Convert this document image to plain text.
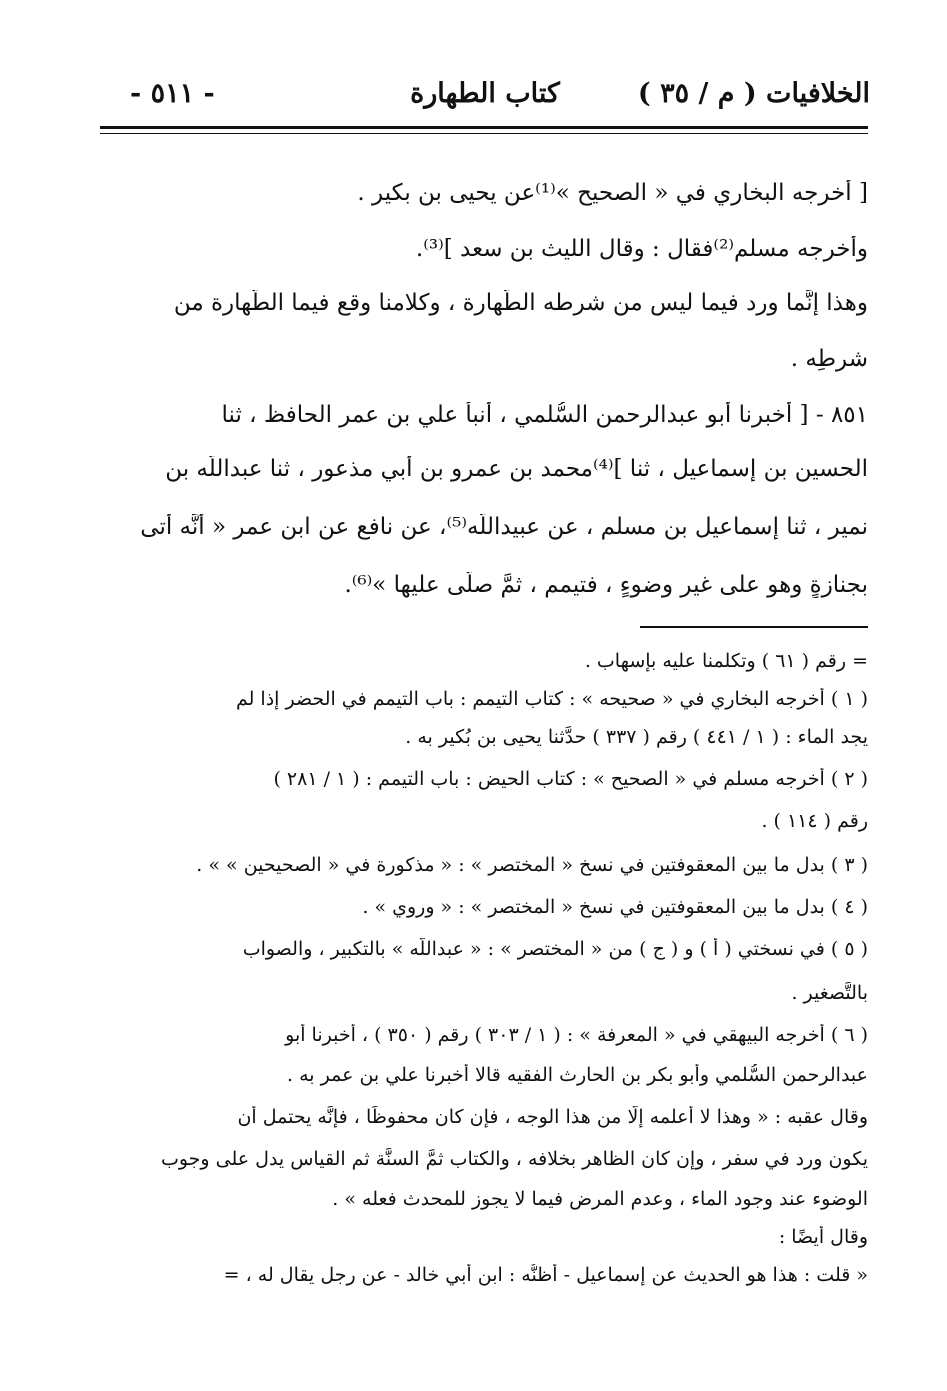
الخلافيات ( م / ٣٥ )
كتاب الطهارة
- ٥١١ -
[ أَخرجه البخاري في « الصحيح »⁽¹⁾عن يحيى بن بكير .
وأَخرجه مسلم⁽²⁾فقال : وقال الليث بن سعد ]⁽³⁾.
وهذا إِنَّما ورد فيما ليس من شرطه الطُّهارة ، وكلامنا وقع فيما الطُّهارة من
شرطِه .
٨٥١ - [ أَخبرنا أَبو عبدالرحمن السُّلمي ، أَنبأَ علي بن عمر الحافظ ، ثنا
الحسين بن إِسماعيل ، ثنا ]⁽⁴⁾محمد بن عمرو بن أَبي مذعور ، ثنا عبداللَّه بن
نمير ، ثنا إِسماعيل بن مسلم ، عن عبيداللَّه⁽⁵⁾، عن نافع عن ابن عمر « أَنَّه أَتى
بجنازةٍ وهو على غير وضوءٍ ، فتيمم ، ثمَّ صلَّى عليها »⁽⁶⁾.
= رقم ( ٦١ ) وتكلمنا عليه بإسهاب .
( ١ ) أَخرجه البخاري في « صحيحه » : كتاب التيمم : باب التيمم في الحضر إِذا لم
يجد الماء : ( ١ / ٤٤١ ) رقم ( ٣٣٧ ) حدَّثنا يحيى بن بُكير به .
( ٢ ) أَخرجه مسلم في « الصحيح » : كتاب الحيض : باب التيمم : ( ١ / ٢٨١ )
رقم ( ١١٤ ) .
( ٣ ) بدل ما بين المعقوفتين في نسخ « المختصر » : « مذكورة في « الصحيحين » » .
( ٤ ) بدل ما بين المعقوفتين في نسخ « المختصر » : « وروي » .
( ٥ ) في نسختي ( أ ) و ( ج ) من « المختصر » : « عبداللَّه » بالتكبير ، والصواب
بالتَّصغير .
( ٦ ) أَخرجه البيهقي في « المعرفة » : ( ١ / ٣٠٣ ) رقم ( ٣٥٠ ) ، أَخبرنا أَبو
عبدالرحمن السُّلمي وأَبو بكر بن الحارث الفقيه قالا أَخبرنا علي بن عمر به .
وقال عقبه : « وهذا لا أَعلمه إِلَّا من هذا الوجه ، فإِن كان محفوظًا ، فإِنَّه يحتمل أَن
يكون ورد في سفر ، وإِن كان الظاهر بخلافه ، والكتاب ثمَّ السنَّة ثم القياس يدل على وجوب
الوضوء عند وجود الماء ، وعدم المرض فيما لا يجوز للمحدث فعله » .
وقال أَيضًا :
« قلت : هذا هو الحديث عن إِسماعيل - أَظنُّه : ابن أَبي خالد - عن رجل يقال له ، =
